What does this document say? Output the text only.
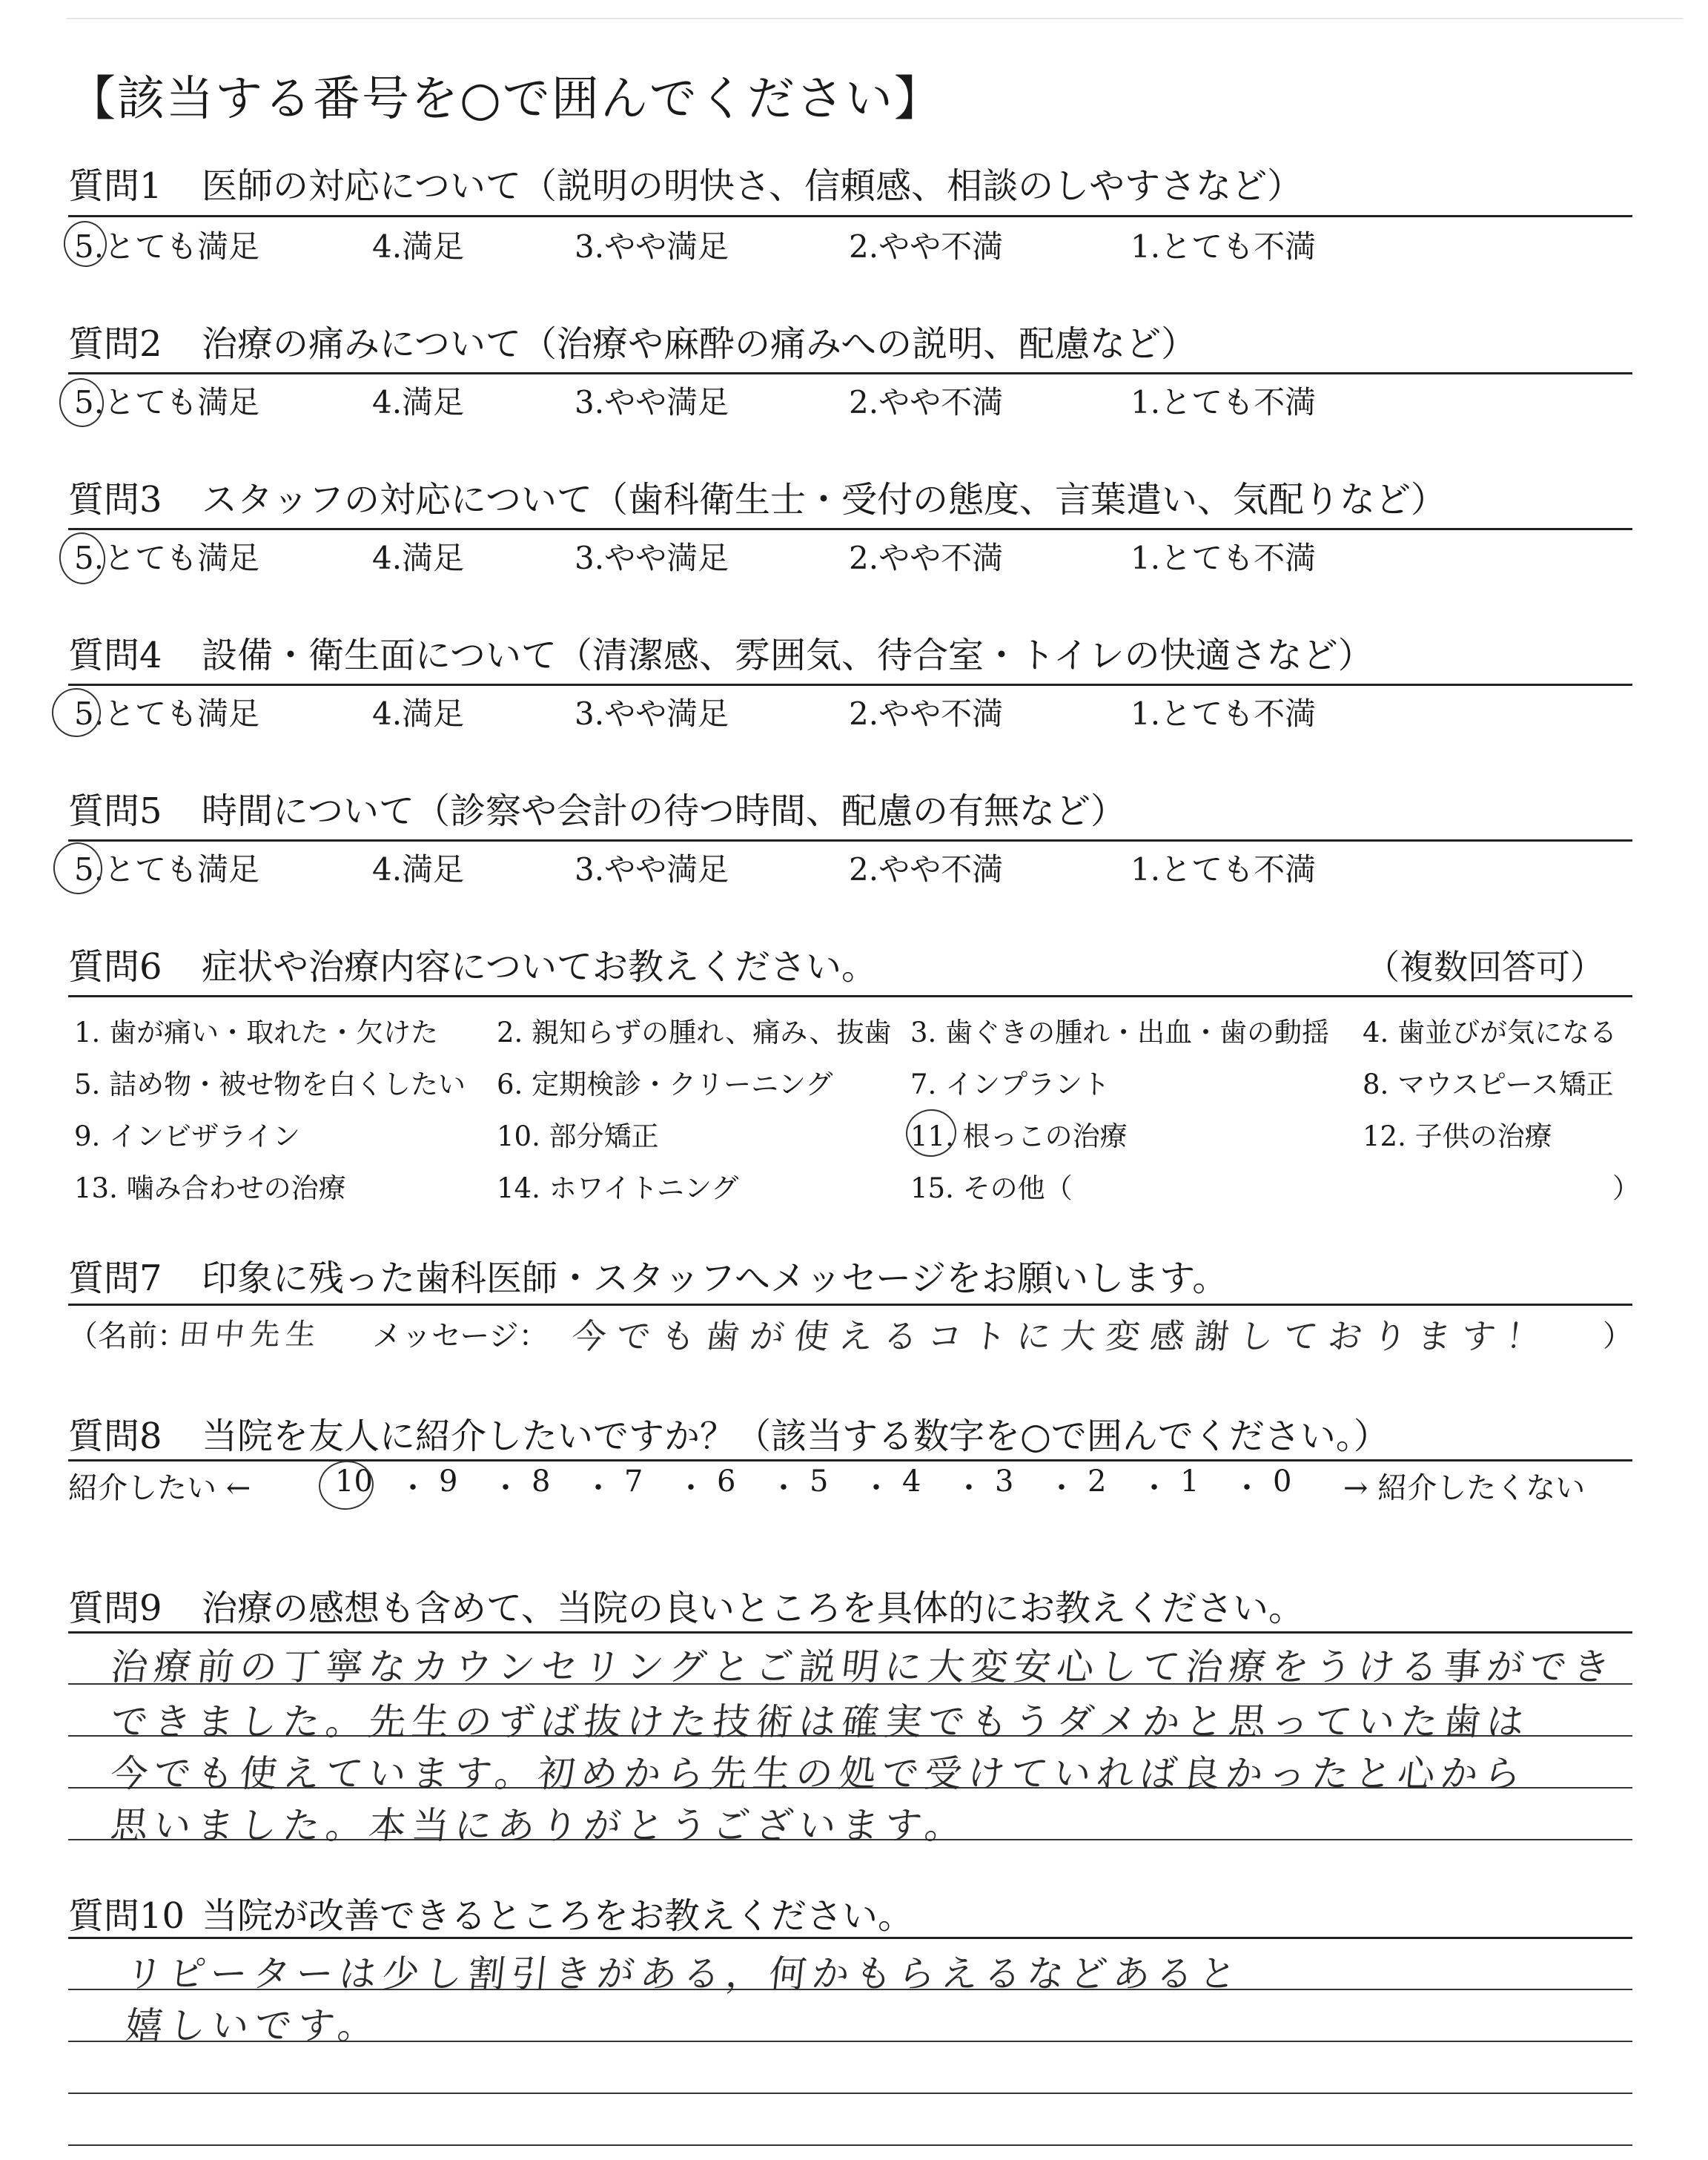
【該当する番号を○で囲んでください】
質問1 医師の対応について（説明の明快さ、信頼感、相談のしやすさなど）
5.とても満足	4.満足	3.やや満足	2.やや不満	1.とても不満
質問2 治療の痛みについて（治療や麻酔の痛みへの説明、配慮など）
5.とても満足	4.満足	3.やや満足	2.やや不満	1.とても不満
質問3 スタッフの対応について（歯科衛生士・受付の態度、言葉遣い、気配りなど）
5.とても満足	4.満足	3.やや満足	2.やや不満	1.とても不満
質問4 設備・衛生面について（清潔感、雰囲気、待合室・トイレの快適さなど）
5.とても満足	4.満足	3.やや満足	2.やや不満	1.とても不満
質問5 時間について（診察や会計の待つ時間、配慮の有無など）
5.とても満足	4.満足	3.やや満足	2.やや不満	1.とても不満
質問6 症状や治療内容についてお教えください。	（複数回答可）
1. 歯が痛い・取れた・欠けた 2. 親知らずの腫れ、痛み、抜歯 3. 歯ぐきの腫れ・出血・歯の動揺 4. 歯並びが気になる
5. 詰め物・被せ物を白くしたい 6. 定期検診・クリーニング	7. インプラント	8. マウスピース矯正
9. インビザライン	10. 部分矯正	11. 根っこの治療	12. 子供の治療
13. 噛み合わせの治療	14. ホワイトニング	15. その他（	）
質問7 印象に残った歯科医師・スタッフへメッセージをお願いします。
（名前：
田中先生 メッセージ： 今でも歯が使えるコトに大変感謝しております！ ）
質問8 当院を友人に紹介したいですか？（該当する数字を○で囲んでください。）
紹介したい ←	10 ・ 9 ・ 8 ・ 7 ・ 6 ・ 5 ・ 4 ・ 3 ・ 2 ・ 1 ・ 0 → 紹介したくない
質問9 治療の感想も含めて、当院の良いところを具体的にお教えください。
治療前の丁寧なカウンセリングとご説明に大変安心して治療をうける事ができ
できました。先生のずば抜けた技術は確実でもうダメかと思っていた歯は
今でも使えています。初めから先生の処で受けていれば良かったと心から
思いました。本当にありがとうございます。
質問10 当院が改善できるところをお教えください。
リピーターは少し割引きがある，何かもらえるなどあると
嬉しいです。
